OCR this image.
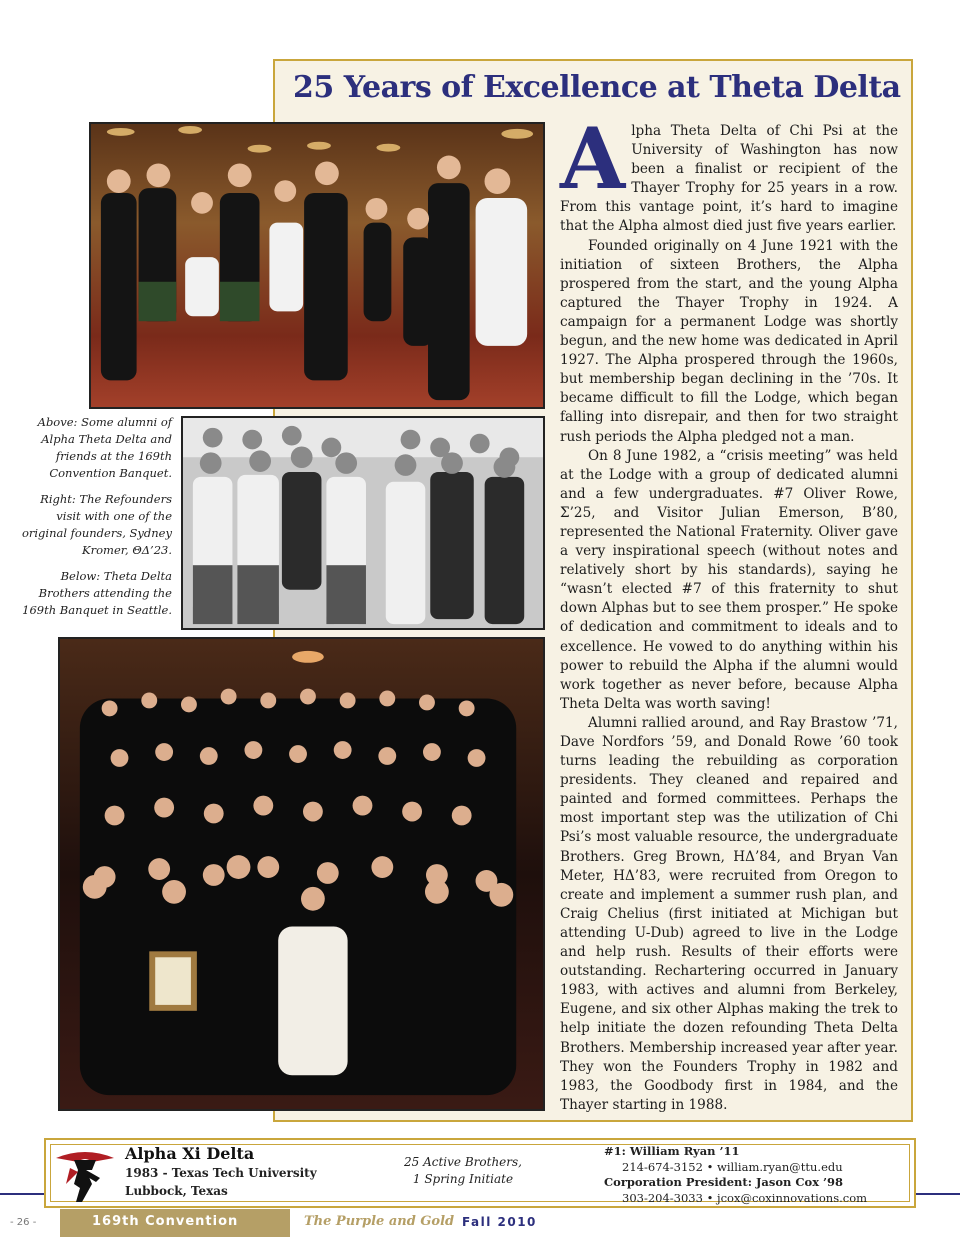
25 Years of Excellence at Theta Delta

Above: Some alumni of Alpha Theta Delta and friends at the 169th Convention Banquet.

Right: The Refounders visit with one of the original founders, Sydney Kromer, ΘΔ’23.

Below: Theta Delta Brothers attending the 169th Banquet in Seattle.

Alpha Theta Delta of Chi Psi at the University of Washington has now been a finalist or recipient of the Thayer Trophy for 25 years in a row. From this vantage point, it’s hard to imagine that the Alpha almost died just five years earlier.

Founded originally on 4 June 1921 with the initiation of sixteen Brothers, the Alpha prospered from the start, and the young Alpha captured the Thayer Trophy in 1924. A campaign for a permanent Lodge was shortly begun, and the new home was dedicated in April 1927. The Alpha prospered through the 1960s, but membership began declining in the ’70s. It became difficult to fill the Lodge, which began falling into disrepair, and then for two straight rush periods the Alpha pledged not a man.

On 8 June 1982, a “crisis meeting” was held at the Lodge with a group of dedicated alumni and a few undergraduates. #7 Oliver Rowe, Σ’25, and Visitor Julian Emerson, B’80, represented the National Fraternity. Oliver gave a very inspirational speech (without notes and relatively short by his standards), saying he “wasn’t elected #7 of this fraternity to shut down Alphas but to see them prosper.” He spoke of dedication and commitment to ideals and to excellence. He vowed to do anything within his power to rebuild the Alpha if the alumni would work together as never before, because Alpha Theta Delta was worth saving!

Alumni rallied around, and Ray Brastow ’71, Dave Nordfors ’59, and Donald Rowe ’60 took turns leading the rebuilding as corporation presidents. They cleaned and repaired and painted and formed committees. Perhaps the most important step was the utilization of Chi Psi’s most valuable resource, the undergraduate Brothers. Greg Brown, HΔ’84, and Bryan Van Meter, HΔ’83, were recruited from Oregon to create and implement a summer rush plan, and Craig Chelius (first initiated at Michigan but attending U-Dub) agreed to live in the Lodge and help rush. Results of their efforts were outstanding. Rechartering occurred in January 1983, with actives and alumni from Berkeley, Eugene, and six other Alphas making the trek to help initiate the dozen refounding Theta Delta Brothers. Membership increased year after year. They won the Founders Trophy in 1982 and 1983, the Goodbody first in 1984, and the Thayer starting in 1988.

Alpha Xi Delta
1983 - Texas Tech University
Lubbock, Texas
25 Active Brothers,
1 Spring Initiate
#1: William Ryan ’11
214-674-3152 • william.ryan@ttu.edu
Corporation President: Jason Cox ’98
303-204-3033 • jcox@coxinnovations.com
- 26 -	169th Convention	The Purple and Gold Fall 2010
